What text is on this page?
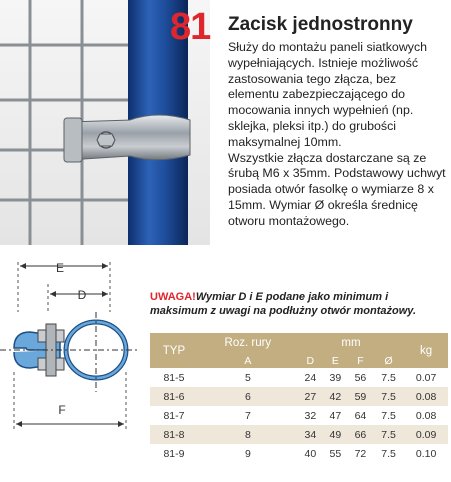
81 Zacisk jednostronny

Służy do montażu paneli siatkowych wypełniających. Istnieje możliwość zastosowania tego złącza, bez elementu zabezpieczającego do mocowania innych wypełnień (np. sklejka, pleksi itp.) do grubości maksymalnej 10mm.

Wszystkie złącza dostarczane są ze śrubą M6 x 35mm. Podstawowy uchwyt posiada otwór fasolkę o wymiarze 8 x 15mm. Wymiar Ø określa średnicę otworu montażowego.

E
D
F
UWAGA!Wymiar D i E podane jako minimum i maksimum z uwagi na podłużny otwór montażowy.
TYP	Roz. rury	mm				kg
	A	D	E	F	Ø	
81-5	5	24	39	56	7.5	0.07
81-6	6	27	42	59	7.5	0.08
81-7	7	32	47	64	7.5	0.08
81-8	8	34	49	66	7.5	0.09
81-9	9	40	55	72	7.5	0.10
